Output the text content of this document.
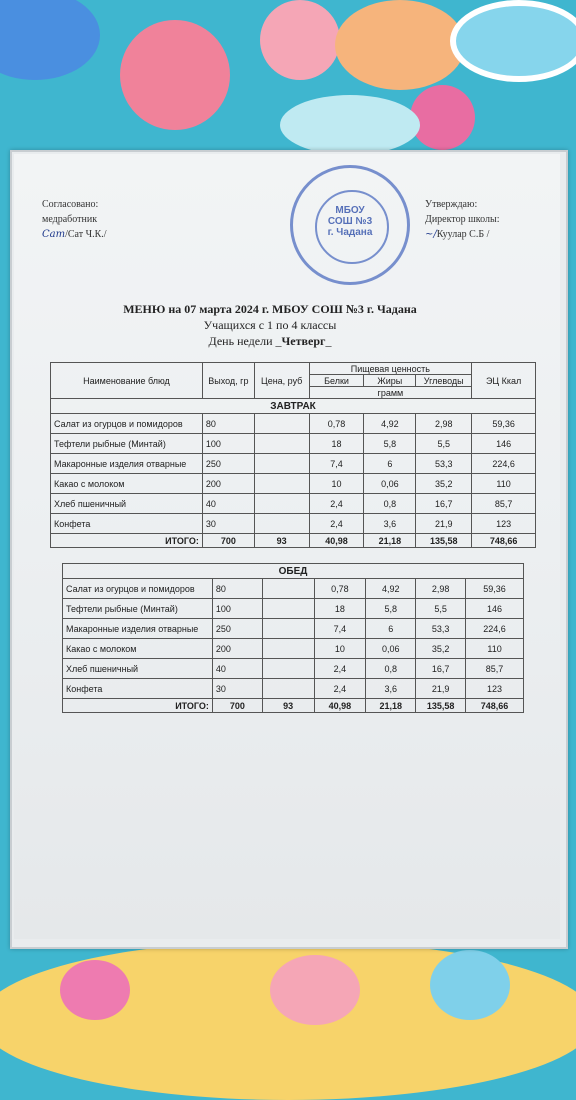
Согласовано:
медработник
Cam/Сат Ч.К./
Утверждаю:
Директор школы:
~/Куулар С.Б /
МБОУ
СОШ №3
г. Чадана
МЕНЮ на 07 марта 2024 г. МБОУ СОШ №3 г. Чадана
Учащихся с 1 по 4 классы
День недели _Четверг_
Наименование блюд	Выход, гр	Цена, руб	Пищевая ценность			ЭЦ Ккал
			Белки	Жиры	Углеводы	
			грамм			
ЗАВТРАК						
Салат из огурцов и помидоров	80		0,78	4,92	2,98	59,36
Тефтели рыбные (Минтай)	100		18	5,8	5,5	146
Макаронные изделия отварные	250		7,4	6	53,3	224,6
Какао с молоком	200		10	0,06	35,2	110
Хлеб пшеничный	40		2,4	0,8	16,7	85,7
Конфета	30		2,4	3,6	21,9	123
ИТОГО:	700	93	40,98	21,18	135,58	748,66
ОБЕД						
Салат из огурцов и помидоров	80		0,78	4,92	2,98	59,36
Тефтели рыбные (Минтай)	100		18	5,8	5,5	146
Макаронные изделия отварные	250		7,4	6	53,3	224,6
Какао с молоком	200		10	0,06	35,2	110
Хлеб пшеничный	40		2,4	0,8	16,7	85,7
Конфета	30		2,4	3,6	21,9	123
ИТОГО:	700	93	40,98	21,18	135,58	748,66
